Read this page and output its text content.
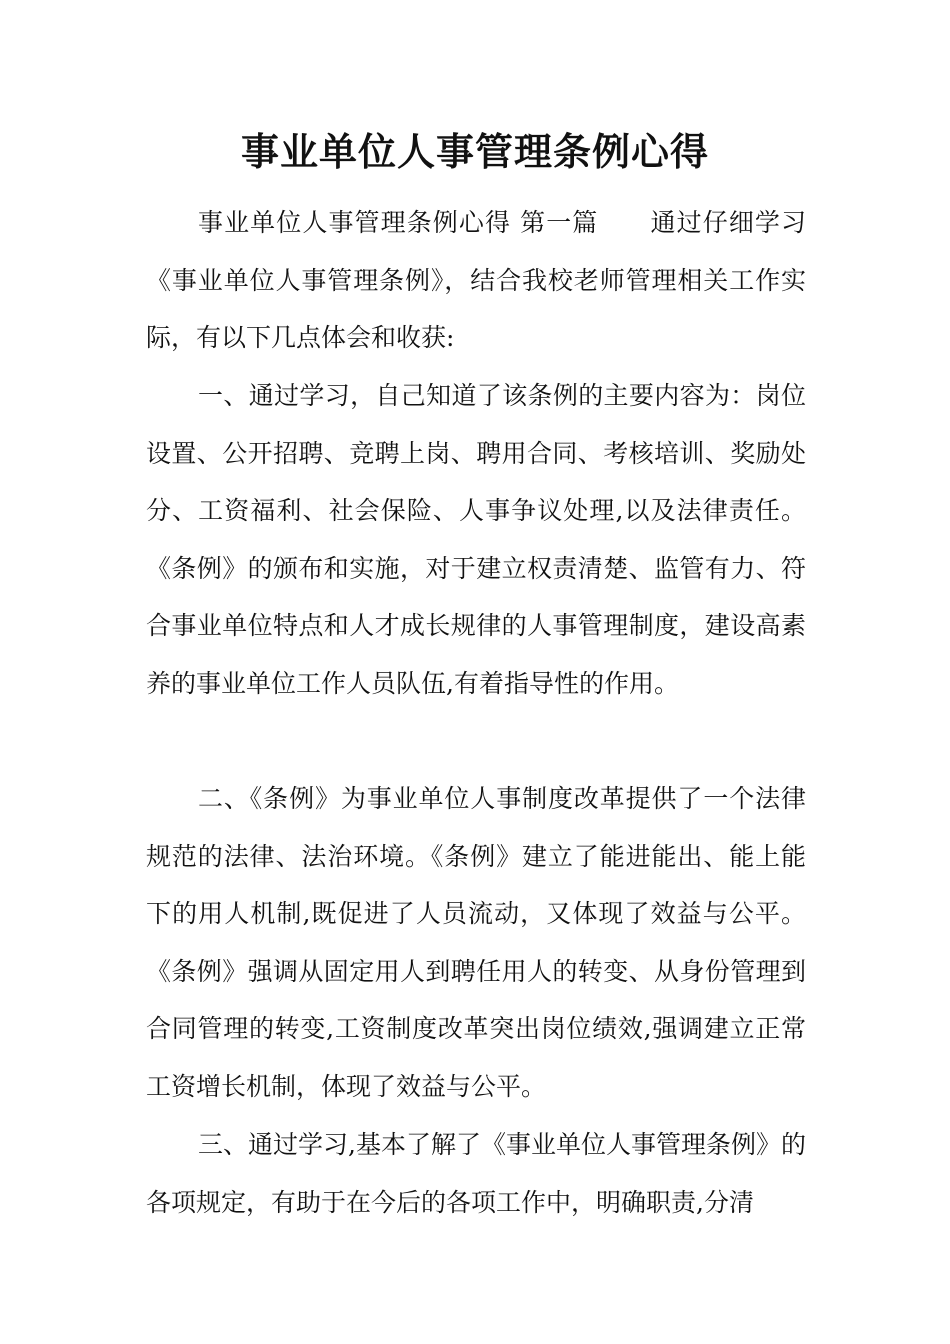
事业单位人事管理条例心得

事业单位人事管理条例心得 第一篇　　通过仔细学习《事业单位人事管理条例》，结合我校老师管理相关工作实际，有以下几点体会和收获:

一、通过学习，自己知道了该条例的主要内容为：岗位设置、公开招聘、竞聘上岗、聘用合同、考核培训、奖励处分、工资福利、社会保险、人事争议处理,以及法律责任。《条例》的颁布和实施，对于建立权责清楚、监管有力、符合事业单位特点和人才成长规律的人事管理制度，建设高素养的事业单位工作人员队伍,有着指导性的作用。

二、《条例》为事业单位人事制度改革提供了一个法律规范的法律、法治环境。《条例》建立了能进能出、能上能下的用人机制,既促进了人员流动，又体现了效益与公平。《条例》强调从固定用人到聘任用人的转变、从身份管理到合同管理的转变,工资制度改革突出岗位绩效,强调建立正常工资增长机制，体现了效益与公平。

三、通过学习,基本了解了《事业单位人事管理条例》的各项规定，有助于在今后的各项工作中，明确职责,分清
